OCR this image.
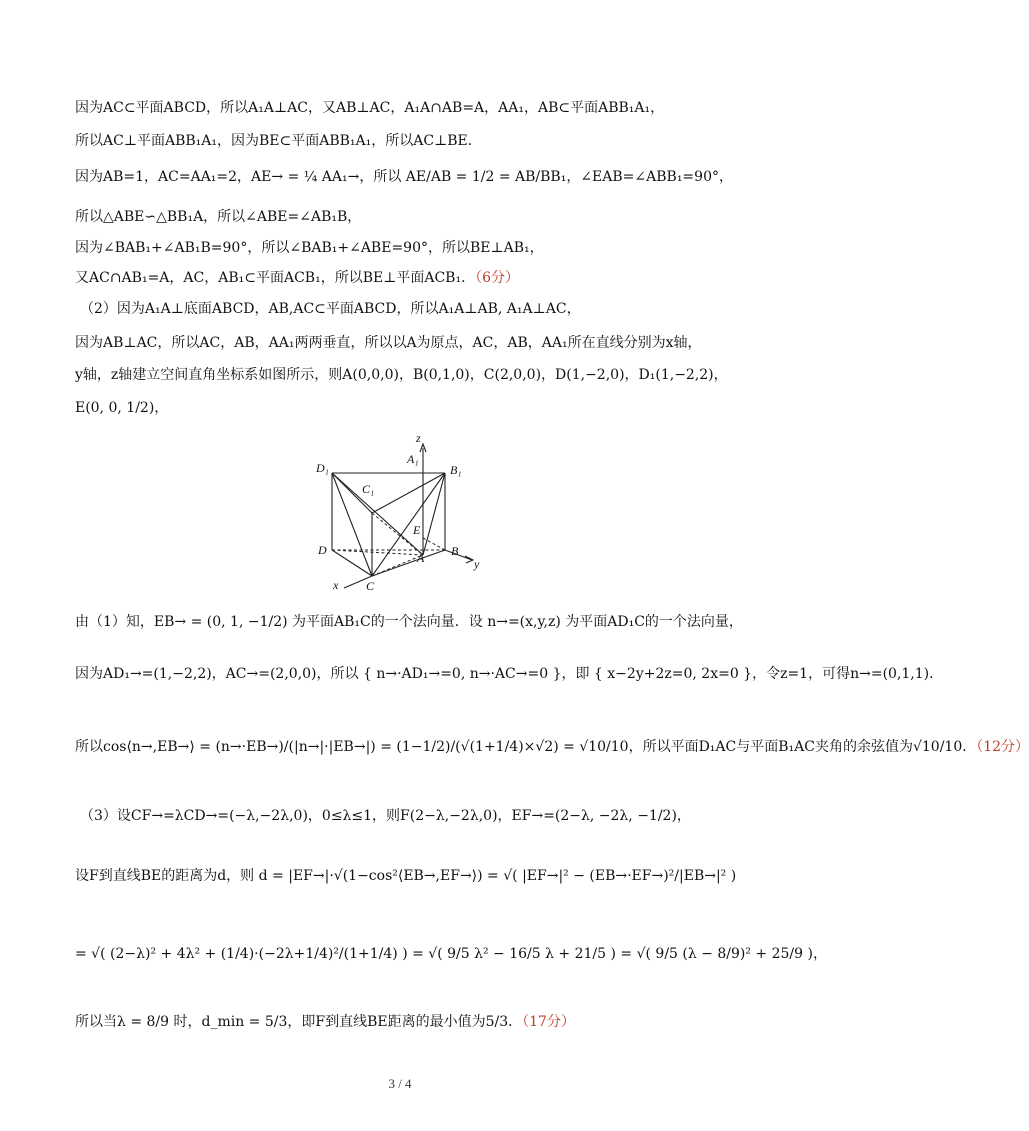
因为AC⊂平面ABCD，所以A₁A⊥AC，又AB⊥AC，A₁A∩AB=A，AA₁，AB⊂平面ABB₁A₁，
所以AC⊥平面ABB₁A₁，因为BE⊂平面ABB₁A₁，所以AC⊥BE．
因为AB=1，AC=AA₁=2，AE→ = ¼ AA₁→，所以 AE/AB = 1/2 = AB/BB₁，∠EAB=∠ABB₁=90°，
所以△ABE∽△BB₁A，所以∠ABE=∠AB₁B，
因为∠BAB₁+∠AB₁B=90°，所以∠BAB₁+∠ABE=90°，所以BE⊥AB₁，
又AC∩AB₁=A，AC，AB₁⊂平面ACB₁，所以BE⊥平面ACB₁．（6分）
（2）因为A₁A⊥底面ABCD，AB,AC⊂平面ABCD，所以A₁A⊥AB, A₁A⊥AC，
因为AB⊥AC，所以AC，AB，AA₁两两垂直，所以以A为原点，AC，AB，AA₁所在直线分别为x轴，
y轴，z轴建立空间直角坐标系如图所示，则A(0,0,0)，B(0,1,0)，C(2,0,0)，D(1,−2,0)，D₁(1,−2,2)，
E(0, 0, 1/2)，
z
A₁
D₁	B₁
C₁
E
D
A B
C
x
y
由（1）知，EB→ = (0, 1, −1/2) 为平面AB₁C的一个法向量．设 n→=(x,y,z) 为平面AD₁C的一个法向量，
因为AD₁→=(1,−2,2)，AC→=(2,0,0)，所以 { n→·AD₁→=0, n→·AC→=0 }，即 { x−2y+2z=0, 2x=0 }，令z=1，可得n→=(0,1,1)．
所以cos⟨n→,EB→⟩ = (n→·EB→)/(|n→|·|EB→|) = (1−1/2)/(√(1+1/4)×√2) = √10/10，所以平面D₁AC与平面B₁AC夹角的余弦值为√10/10．（12分）
（3）设CF→=λCD→=(−λ,−2λ,0)，0≤λ≤1，则F(2−λ,−2λ,0)，EF→=(2−λ, −2λ, −1/2)，
设F到直线BE的距离为d，则 d = |EF→|·√(1−cos²⟨EB→,EF→⟩) = √( |EF→|² − (EB→·EF→)²/|EB→|² )
= √( (2−λ)² + 4λ² + (1/4)·(−2λ+1/4)²/(1+1/4) ) = √( 9/5 λ² − 16/5 λ + 21/5 ) = √( 9/5 (λ − 8/9)² + 25/9 )，
所以当λ = 8/9 时，d_min = 5/3，即F到直线BE距离的最小值为5/3．（17分）
3 / 4
